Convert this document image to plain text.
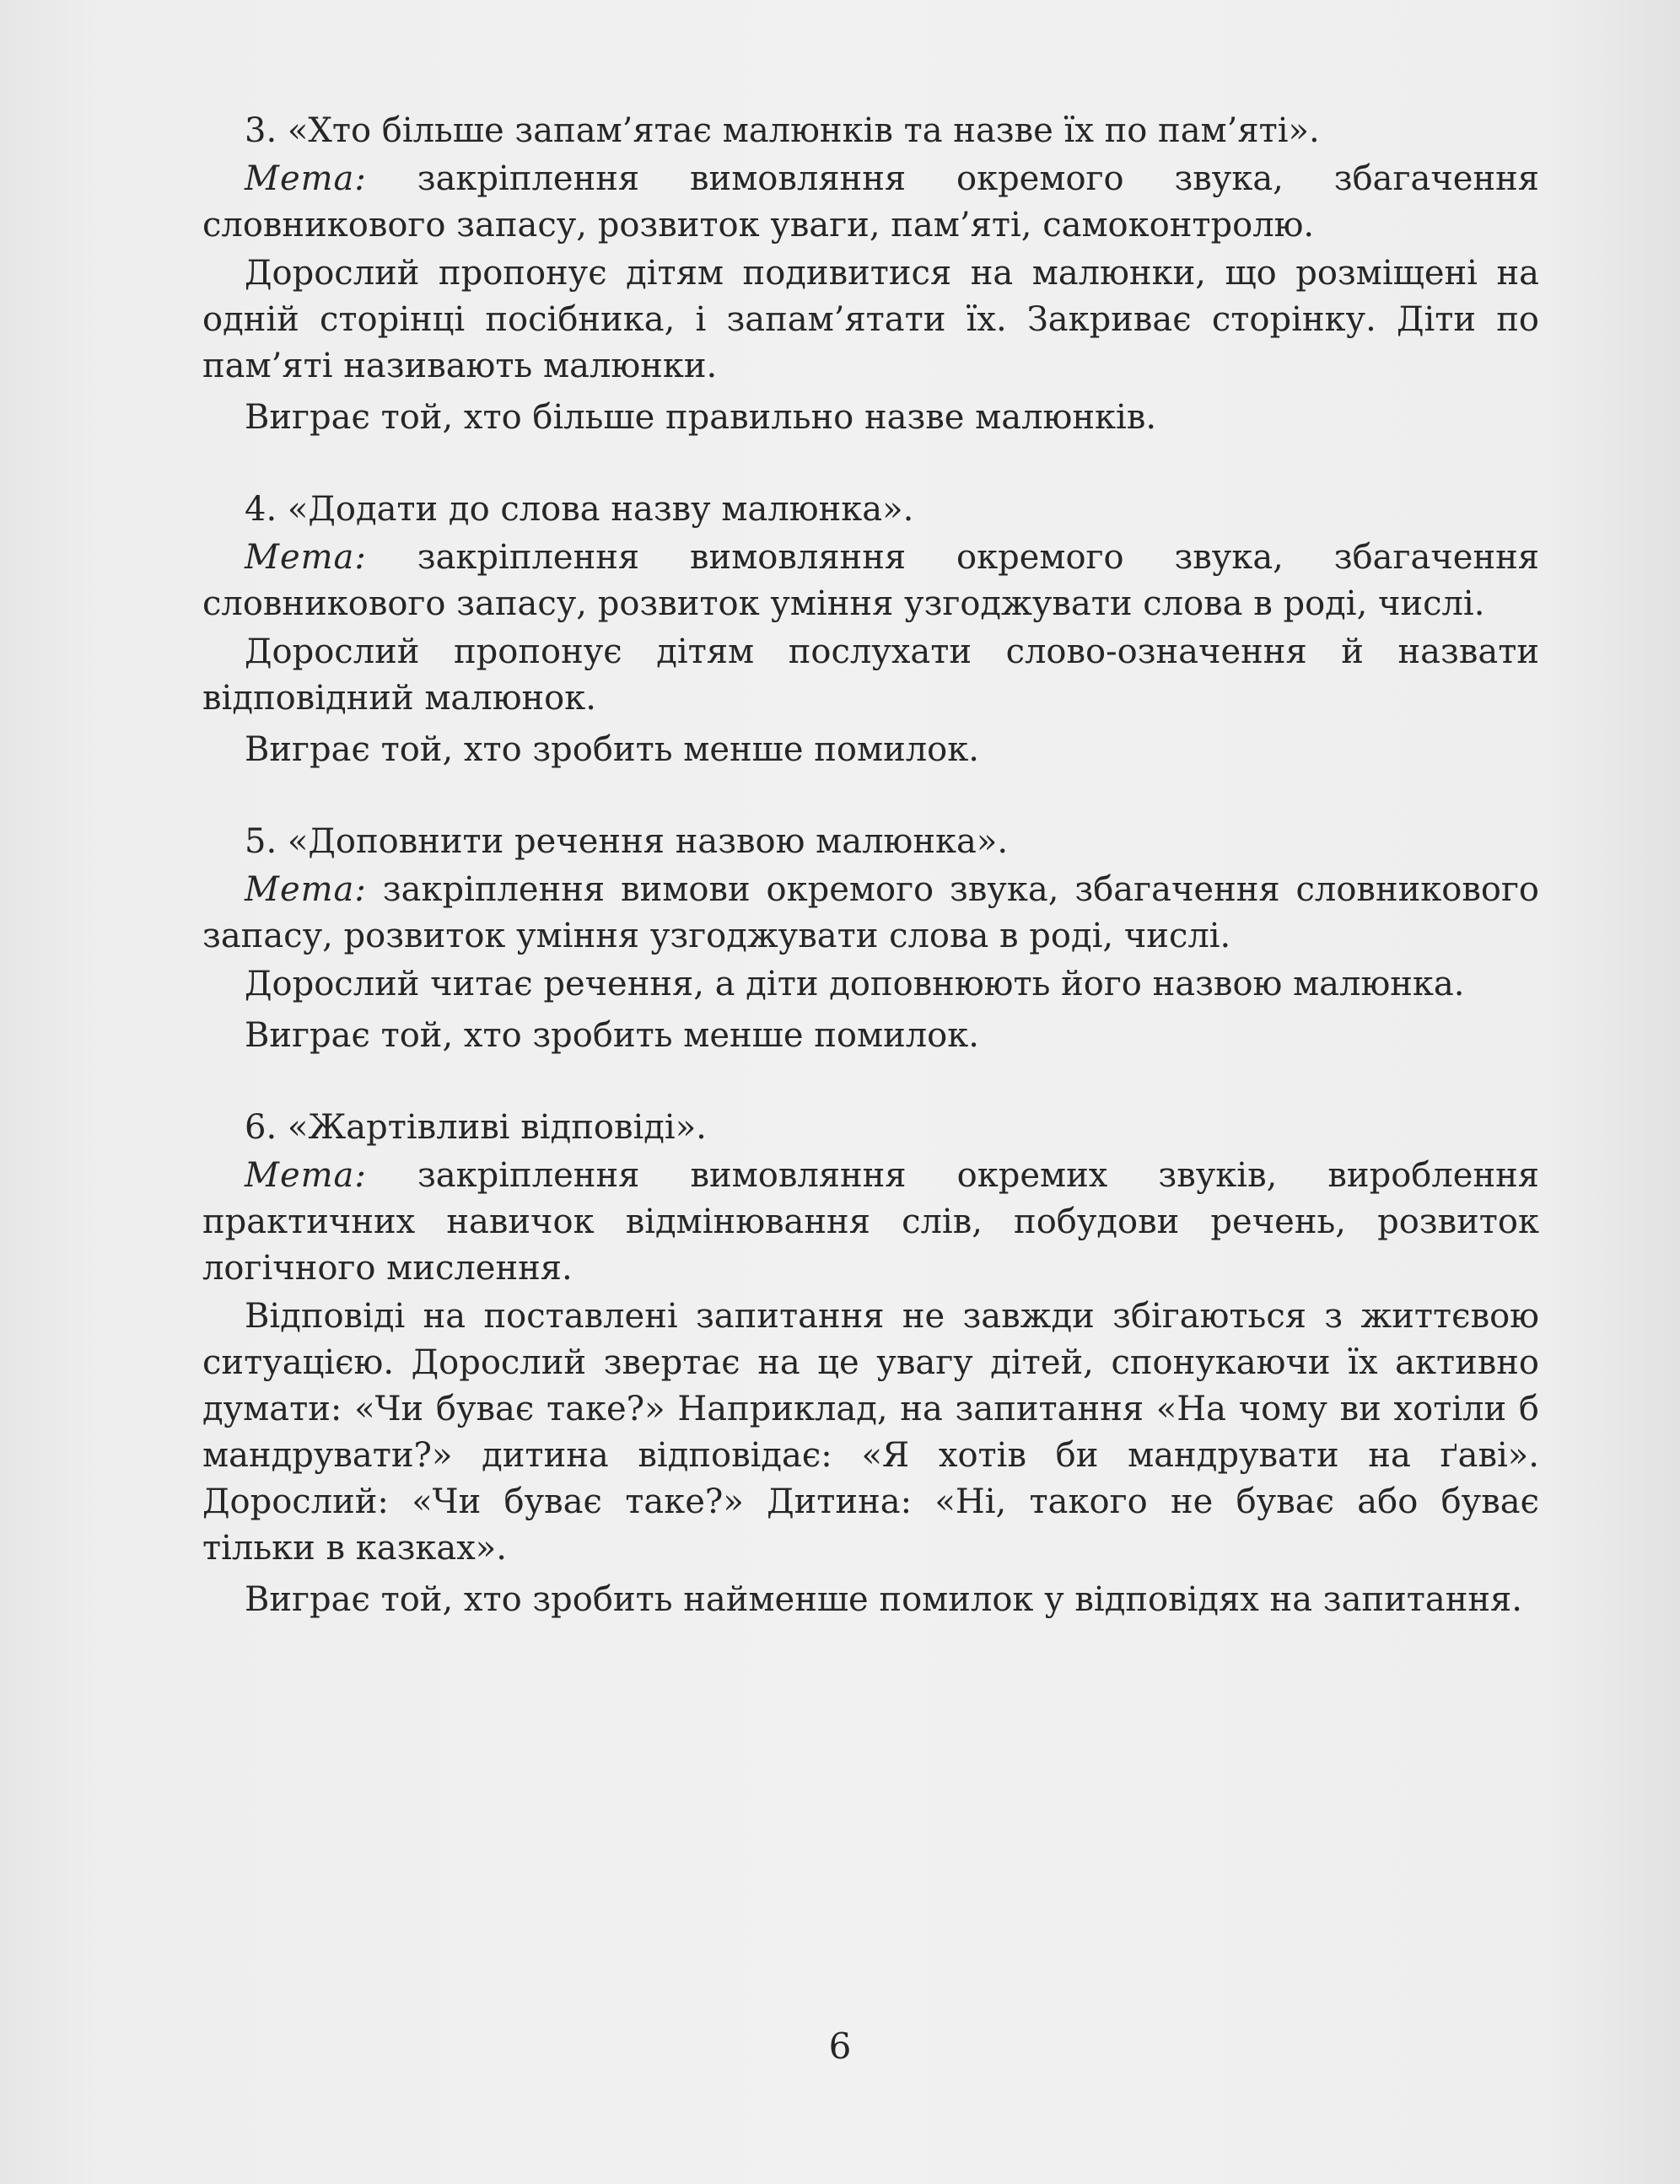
3. «Хто більше запам’ятає малюнків та назве їх по пам’яті».

Мета: закріплення вимовляння окремого звука, збагачення словникового запасу, розвиток уваги, пам’яті, самоконтролю.

Дорослий пропонує дітям подивитися на малюнки, що розміщені на одній сторінці посібника, і запам’ятати їх. Закриває сторінку. Діти по пам’яті називають малюнки.

Виграє той, хто більше правильно назве малюнків.

4. «Додати до слова назву малюнка».

Мета: закріплення вимовляння окремого звука, збагачення словникового запасу, розвиток уміння узгоджувати слова в роді, числі.

Дорослий пропонує дітям послухати слово-означення й назвати відповідний малюнок.

Виграє той, хто зробить менше помилок.

5. «Доповнити речення назвою малюнка».

Мета: закріплення вимови окремого звука, збагачення словникового запасу, розвиток уміння узгоджувати слова в роді, числі.

Дорослий читає речення, а діти доповнюють його назвою малюнка.

Виграє той, хто зробить менше помилок.

6. «Жартівливі відповіді».

Мета: закріплення вимовляння окремих звуків, вироблення практичних навичок відмінювання слів, побудови речень, розвиток логічного мислення.

Відповіді на поставлені запитання не завжди збігаються з життєвою ситуацією. Дорослий звертає на це увагу дітей, спонукаючи їх активно думати: «Чи буває таке?» Наприклад, на запитання «На чому ви хотіли б мандрувати?» дитина відповідає: «Я хотів би мандрувати на ґаві». Дорослий: «Чи буває таке?» Дитина: «Ні, такого не буває або буває тільки в казках».

Виграє той, хто зробить найменше помилок у відповідях на запитання.

6
